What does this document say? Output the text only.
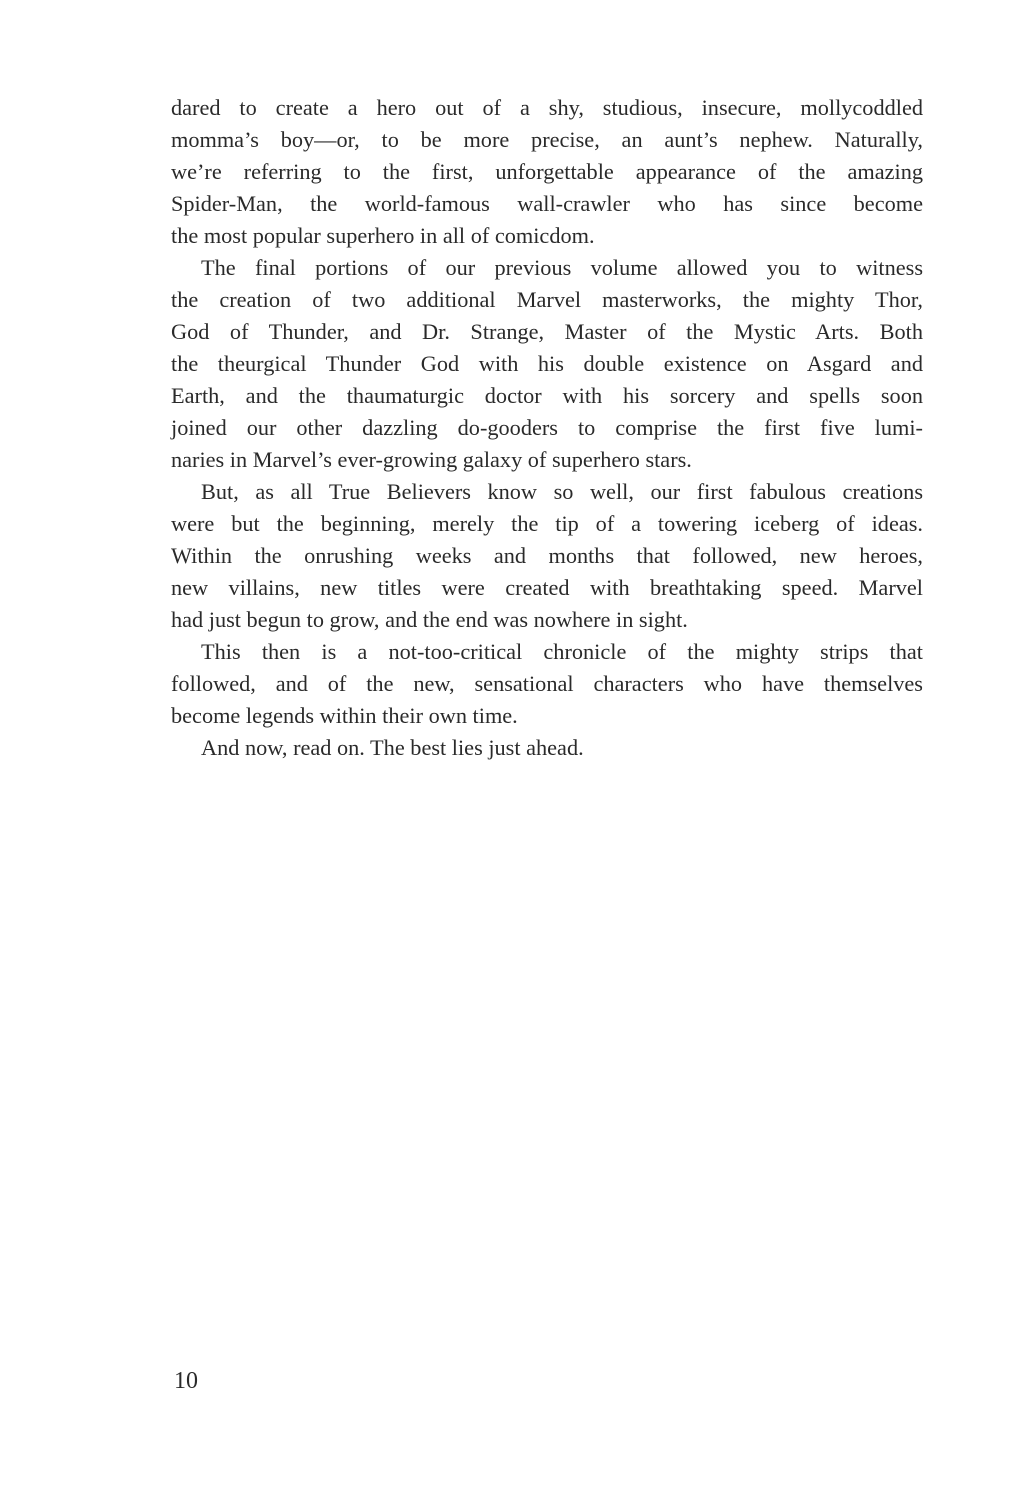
dared to create a hero out of a shy, studious, insecure, mollycoddled
momma’s boy—or, to be more precise, an aunt’s nephew. Naturally,
we’re referring to the first, unforgettable appearance of the amazing
Spider-Man, the world-famous wall-crawler who has since become
the most popular superhero in all of comicdom.
The final portions of our previous volume allowed you to witness
the creation of two additional Marvel masterworks, the mighty Thor,
God of Thunder, and Dr. Strange, Master of the Mystic Arts. Both
the theurgical Thunder God with his double existence on Asgard and
Earth, and the thaumaturgic doctor with his sorcery and spells soon
joined our other dazzling do-gooders to comprise the first five lumi-
naries in Marvel’s ever-growing galaxy of superhero stars.
But, as all True Believers know so well, our first fabulous creations
were but the beginning, merely the tip of a towering iceberg of ideas.
Within the onrushing weeks and months that followed, new heroes,
new villains, new titles were created with breathtaking speed. Marvel
had just begun to grow, and the end was nowhere in sight.
This then is a not-too-critical chronicle of the mighty strips that
followed, and of the new, sensational characters who have themselves
become legends within their own time.
And now, read on. The best lies just ahead.
10
